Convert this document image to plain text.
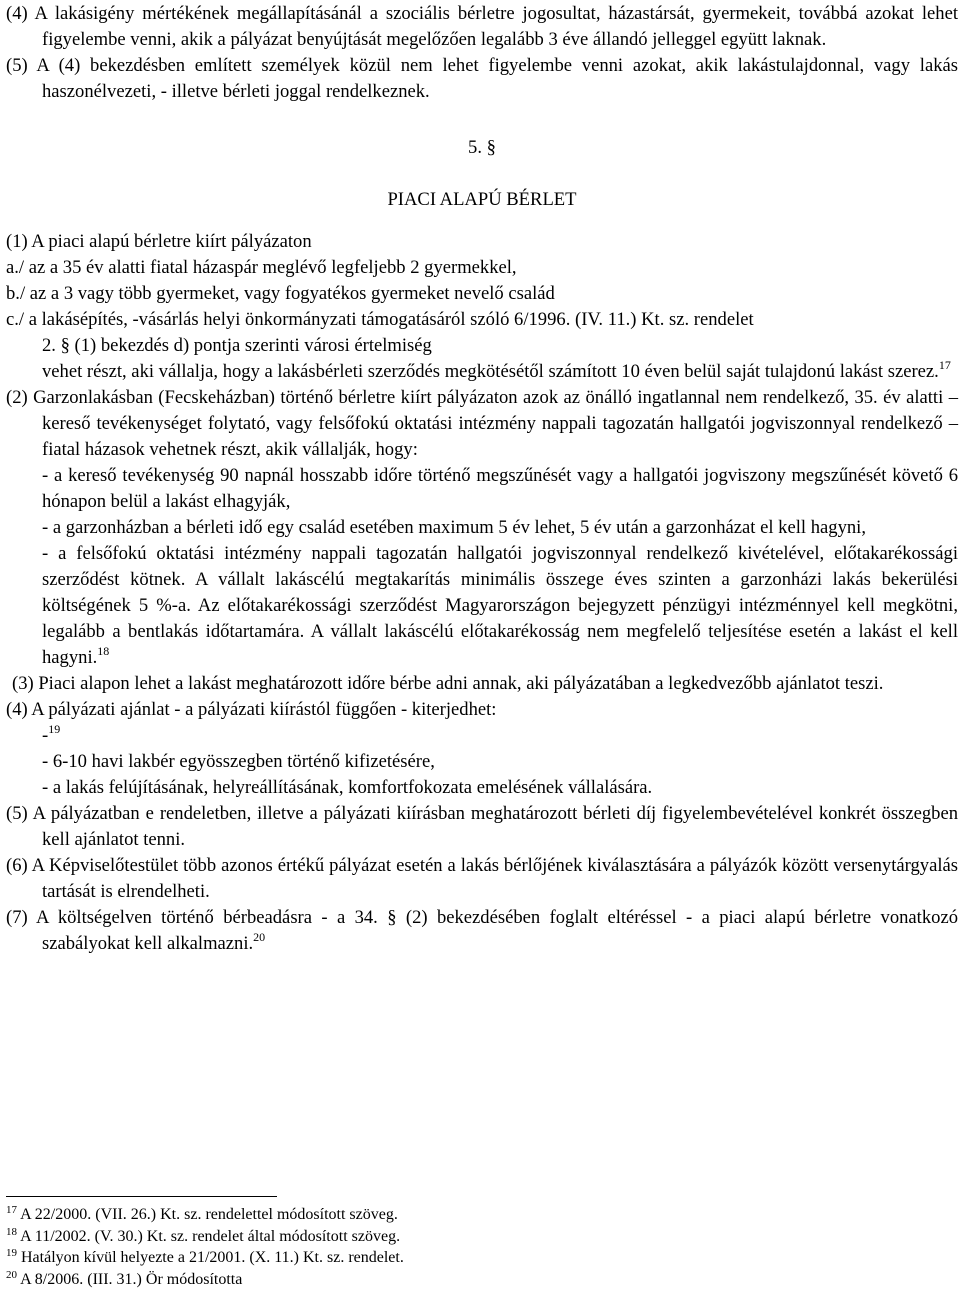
(4) A lakásigény mértékének megállapításánál a szociális bérletre jogosultat, házastársát, gyermekeit, továbbá azokat lehet figyelembe venni, akik a pályázat benyújtását megelőzően legalább 3 éve állandó jelleggel együtt laknak.
(5) A (4) bekezdésben említett személyek közül nem lehet figyelembe venni azokat, akik lakástulajdonnal, vagy lakás haszonélvezeti, - illetve bérleti joggal rendelkeznek.
5. §
PIACI ALAPÚ BÉRLET
(1) A piaci alapú bérletre kiírt pályázaton
a./ az a 35 év alatti fiatal házaspár meglévő legfeljebb 2 gyermekkel,
b./ az a 3 vagy több gyermeket, vagy fogyatékos gyermeket nevelő család
c./ a lakásépítés, -vásárlás helyi önkormányzati támogatásáról szóló 6/1996. (IV. 11.) Kt. sz. rendelet
2. § (1) bekezdés d) pontja szerinti városi értelmiség
vehet részt, aki vállalja, hogy a lakásbérleti szerződés megkötésétől számított 10 éven belül saját tulajdonú lakást szerez.$^{17}$
(2) Garzonlakásban (Fecskeházban) történő bérletre kiírt pályázaton azok az önálló ingatlannal nem rendelkező, 35. év alatti – kereső tevékenységet folytató, vagy felsőfokú oktatási intézmény nappali tagozatán hallgatói jogviszonnyal rendelkező – fiatal házasok vehetnek részt, akik vállalják, hogy:
- a kereső tevékenység 90 napnál hosszabb időre történő megszűnését vagy a hallgatói jogviszony megszűnését követő 6 hónapon belül a lakást elhagyják,
- a garzonházban a bérleti idő egy család esetében maximum 5 év lehet, 5 év után a garzonházat el kell hagyni,
- a felsőfokú oktatási intézmény nappali tagozatán hallgatói jogviszonnyal rendelkező kivételével, előtakarékossági szerződést kötnek. A vállalt lakáscélú megtakarítás minimális összege éves szinten a garzonházi lakás bekerülési költségének 5 %-a. Az előtakarékossági szerződést Magyarországon bejegyzett pénzügyi intézménnyel kell megkötni, legalább a bentlakás időtartamára. A vállalt lakáscélú előtakarékosság nem megfelelő teljesítése esetén a lakást el kell hagyni.$^{18}$
(3) Piaci alapon lehet a lakást meghatározott időre bérbe adni annak, aki pályázatában a legkedvezőbb ajánlatot teszi.
(4) A pályázati ajánlat - a pályázati kiírástól függően - kiterjedhet:
-$^{19}$
- 6-10 havi lakbér egyösszegben történő kifizetésére,
- a lakás felújításának, helyreállításának, komfortfokozata emelésének vállalására.
(5) A pályázatban e rendeletben, illetve a pályázati kiírásban meghatározott bérleti díj figyelembevételével konkrét összegben kell ajánlatot tenni.
(6) A Képviselőtestület több azonos értékű pályázat esetén a lakás bérlőjének kiválasztására a pályázók között versenytárgyalás tartását is elrendelheti.
(7) A költségelven történő bérbeadásra - a 34. § (2) bekezdésében foglalt eltéréssel - a piaci alapú bérletre vonatkozó szabályokat kell alkalmazni.$^{20}$
$^{17}$ A 22/2000. (VII. 26.) Kt. sz. rendelettel módosított szöveg.
$^{18}$ A 11/2002. (V. 30.) Kt. sz. rendelet által módosított szöveg.
$^{19}$ Hatályon kívül helyezte a 21/2001. (X. 11.) Kt. sz. rendelet.
$^{20}$ A 8/2006. (III. 31.) Ör módosította
